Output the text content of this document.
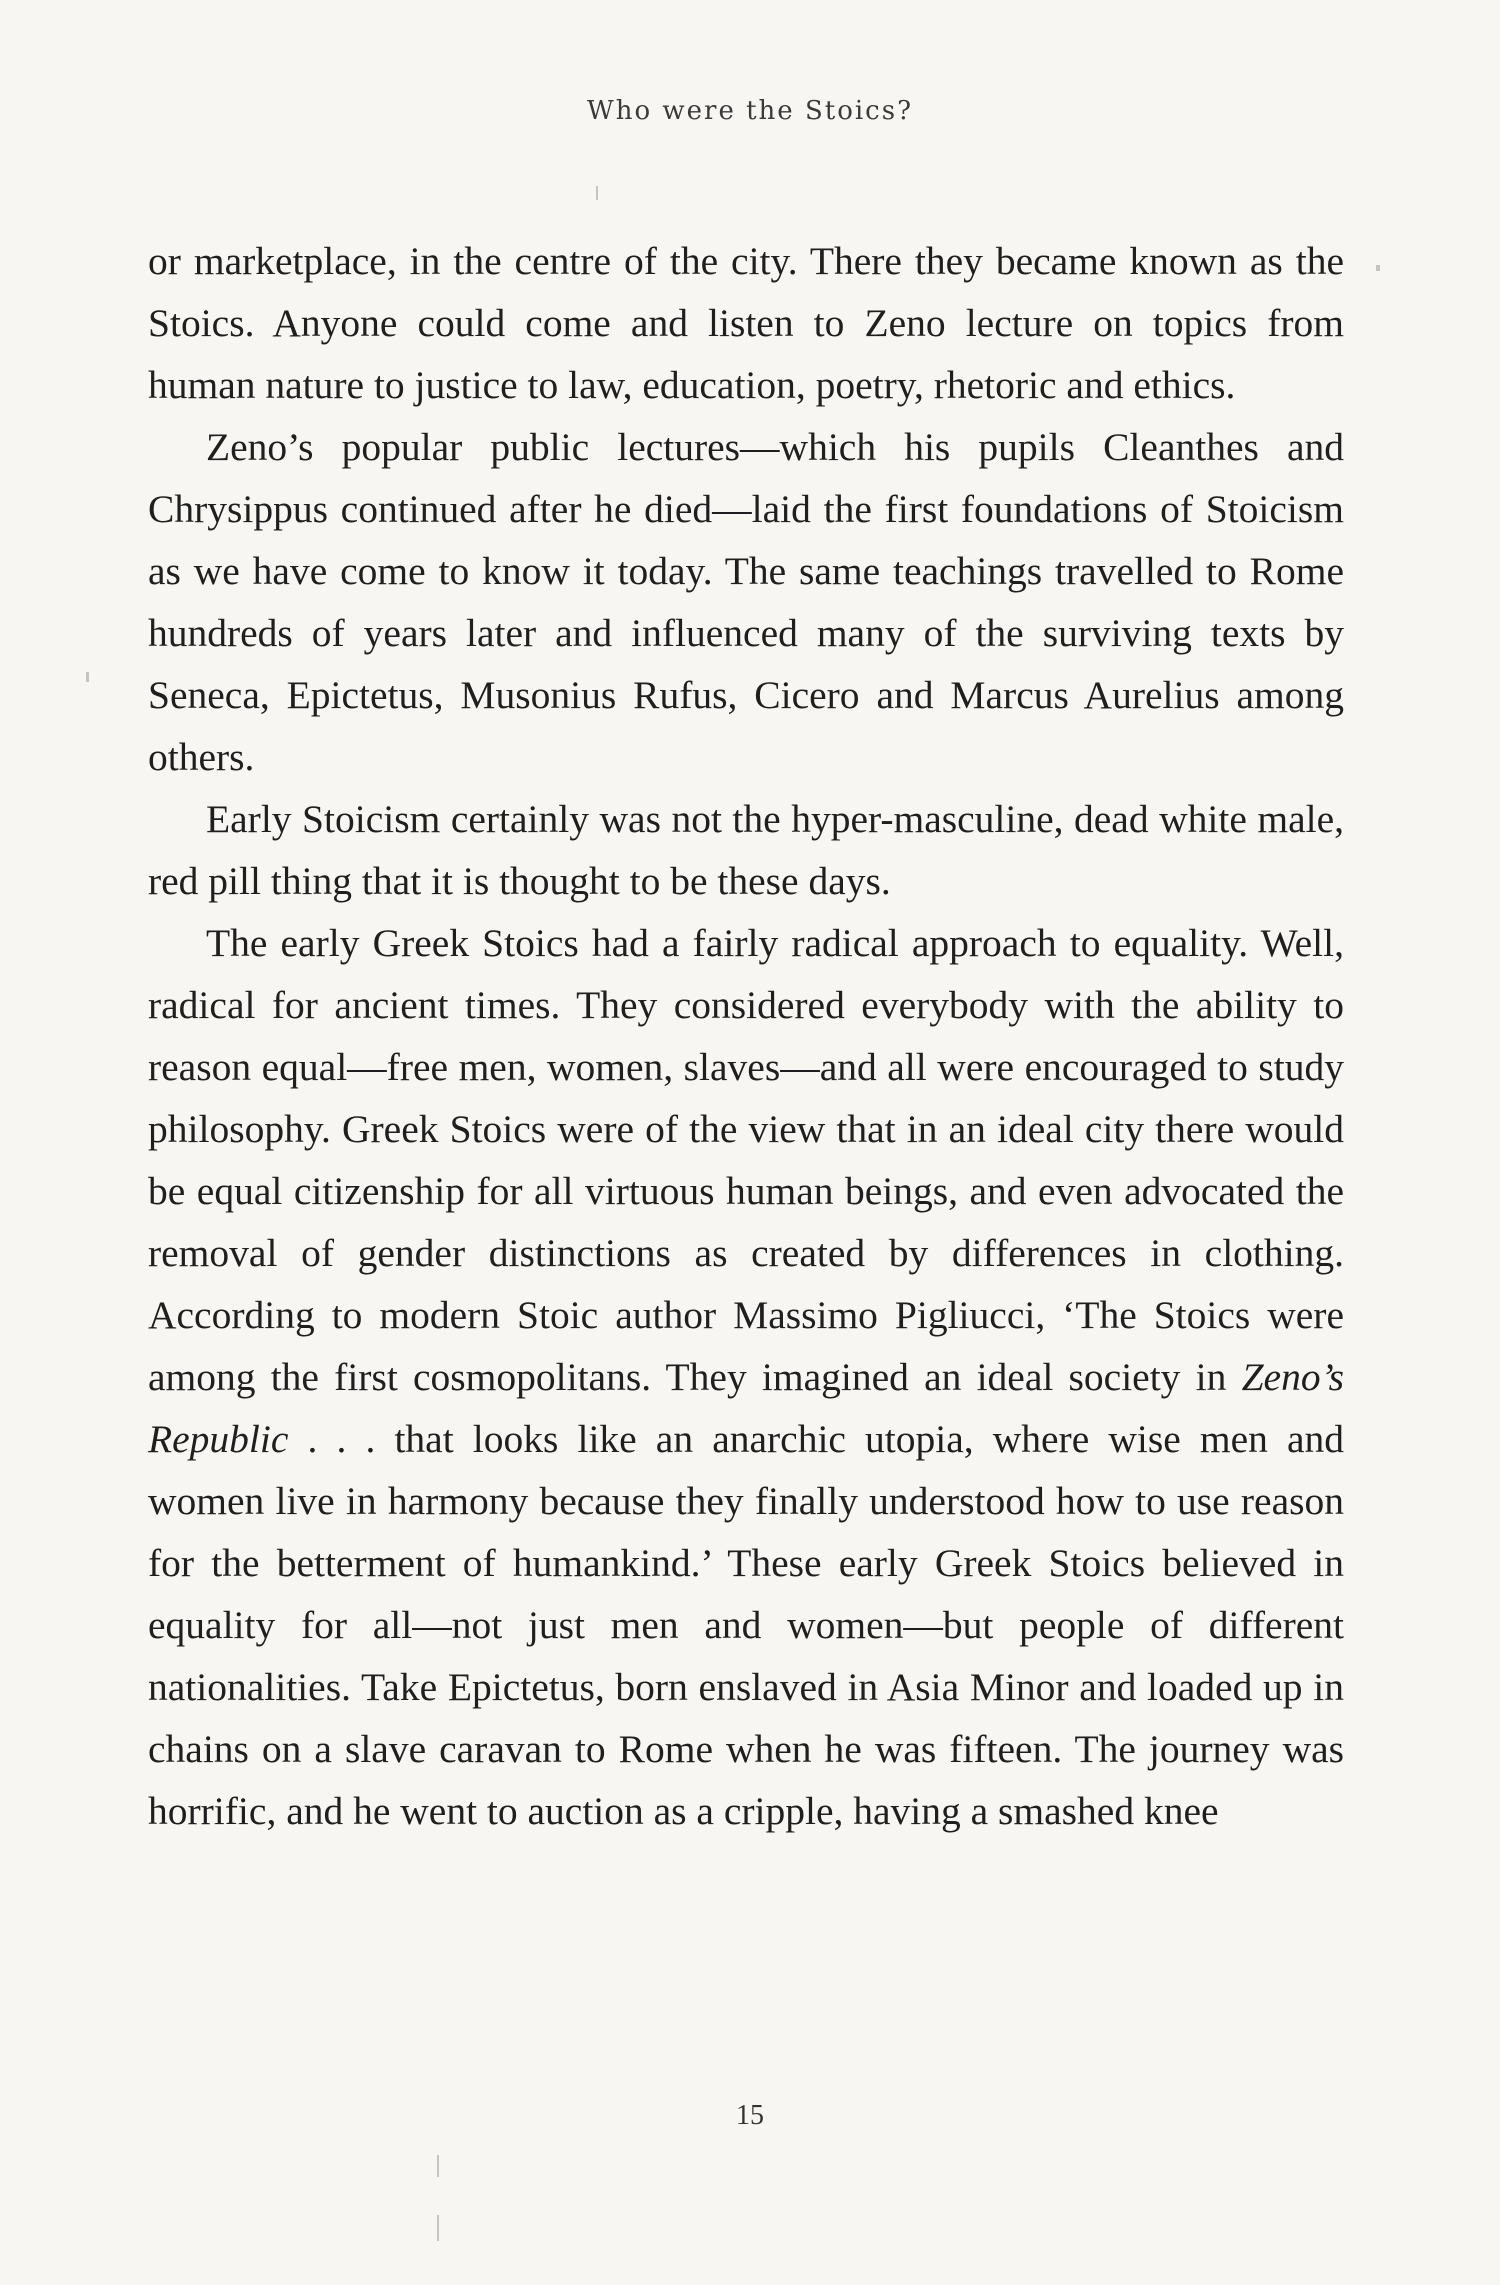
Who were the Stoics?

or marketplace, in the centre of the city. There they became known as the Stoics. Anyone could come and listen to Zeno lecture on topics from human nature to justice to law, education, poetry, rhetoric and ethics.

Zeno’s popular public lectures—which his pupils Cleanthes and Chrysippus continued after he died—laid the first foundations of Stoicism as we have come to know it today. The same teachings travelled to Rome hundreds of years later and influenced many of the surviving texts by Seneca, Epictetus, Musonius Rufus, Cicero and Marcus Aurelius among others.

Early Stoicism certainly was not the hyper-masculine, dead white male, red pill thing that it is thought to be these days.

The early Greek Stoics had a fairly radical approach to equality. Well, radical for ancient times. They considered everybody with the ability to reason equal—free men, women, slaves—and all were encouraged to study philosophy. Greek Stoics were of the view that in an ideal city there would be equal citizenship for all virtuous human beings, and even advocated the removal of gender distinctions as created by differences in clothing. According to modern Stoic author Massimo Pigliucci, ‘The Stoics were among the first cosmopolitans. They imagined an ideal society in Zeno’s Republic . . . that looks like an anarchic utopia, where wise men and women live in harmony because they finally understood how to use reason for the betterment of humankind.’ These early Greek Stoics believed in equality for all—not just men and women—but people of different nationalities. Take Epictetus, born enslaved in Asia Minor and loaded up in chains on a slave caravan to Rome when he was fifteen. The journey was horrific, and he went to auction as a cripple, having a smashed knee

15
